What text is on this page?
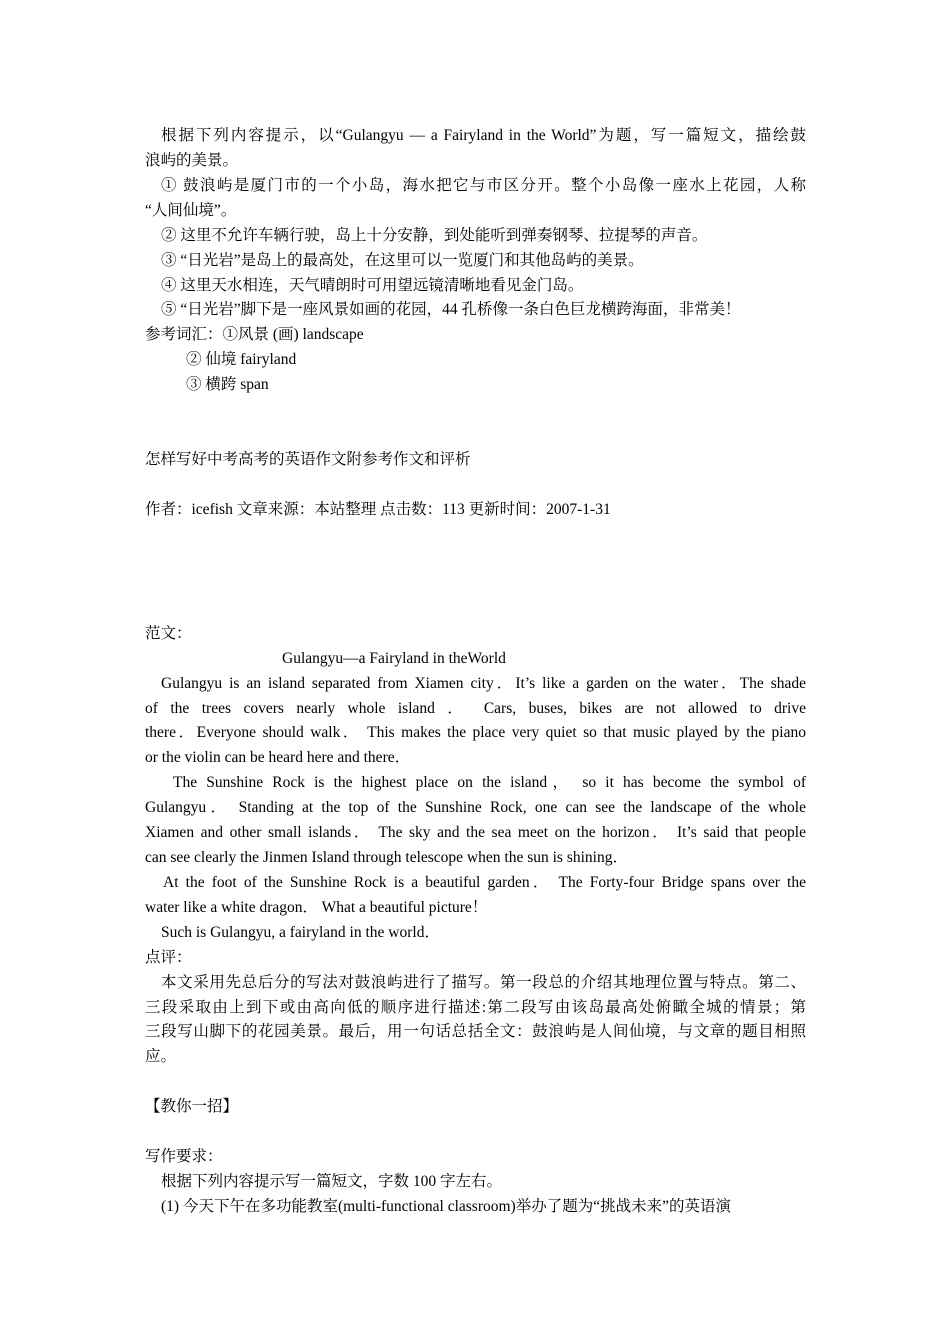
根据下列内容提示，以“Gulangyu — a Fairyland in the World”为题，写一篇短文，描绘鼓

浪屿的美景。

① 鼓浪屿是厦门市的一个小岛，海水把它与市区分开。整个小岛像一座水上花园，人称

“人间仙境”。

② 这里不允许车辆行驶，岛上十分安静，到处能听到弹奏钢琴、拉提琴的声音。

③ “日光岩”是岛上的最高处，在这里可以一览厦门和其他岛屿的美景。

④ 这里天水相连，天气晴朗时可用望远镜清晰地看见金门岛。

⑤ “日光岩”脚下是一座风景如画的花园，44 孔桥像一条白色巨龙横跨海面，非常美！

参考词汇：①风景 (画) landscape

② 仙境 fairyland

③ 横跨 span

怎样写好中考高考的英语作文附参考作文和评析

作者：icefish 文章来源：本站整理 点击数：113 更新时间：2007-1-31

范文：

Gulangyu—a Fairyland in theWorld

Gulangyu is an island separated from Xiamen city．It’s like a garden on the water．The shade

of the trees covers nearly whole island ． Cars, buses, bikes are not allowed to drive

there．Everyone should walk． This makes the place very quiet so that music played by the piano

or the violin can be heard here and there．

The Sunshine Rock is the highest place on the island， so it has become the symbol of

Gulangyu． Standing at the top of the Sunshine Rock, one can see the landscape of the whole

Xiamen and other small islands． The sky and the sea meet on the horizon． It’s said that people

can see clearly the Jinmen Island through telescope when the sun is shining．

At the foot of the Sunshine Rock is a beautiful garden． The Forty-four Bridge spans over the

water like a white dragon． What a beautiful picture！

Such is Gulangyu, a fairyland in the world．

点评：

本文采用先总后分的写法对鼓浪屿进行了描写。第一段总的介绍其地理位置与特点。第二、

三段采取由上到下或由高向低的顺序进行描述:第二段写由该岛最高处俯瞰全城的情景；第

三段写山脚下的花园美景。最后，用一句话总括全文：鼓浪屿是人间仙境，与文章的题目相照

应。

【教你一招】

写作要求：

根据下列内容提示写一篇短文，字数 100 字左右。

(1) 今天下午在多功能教室(multi-functional classroom)举办了题为“挑战未来”的英语演
